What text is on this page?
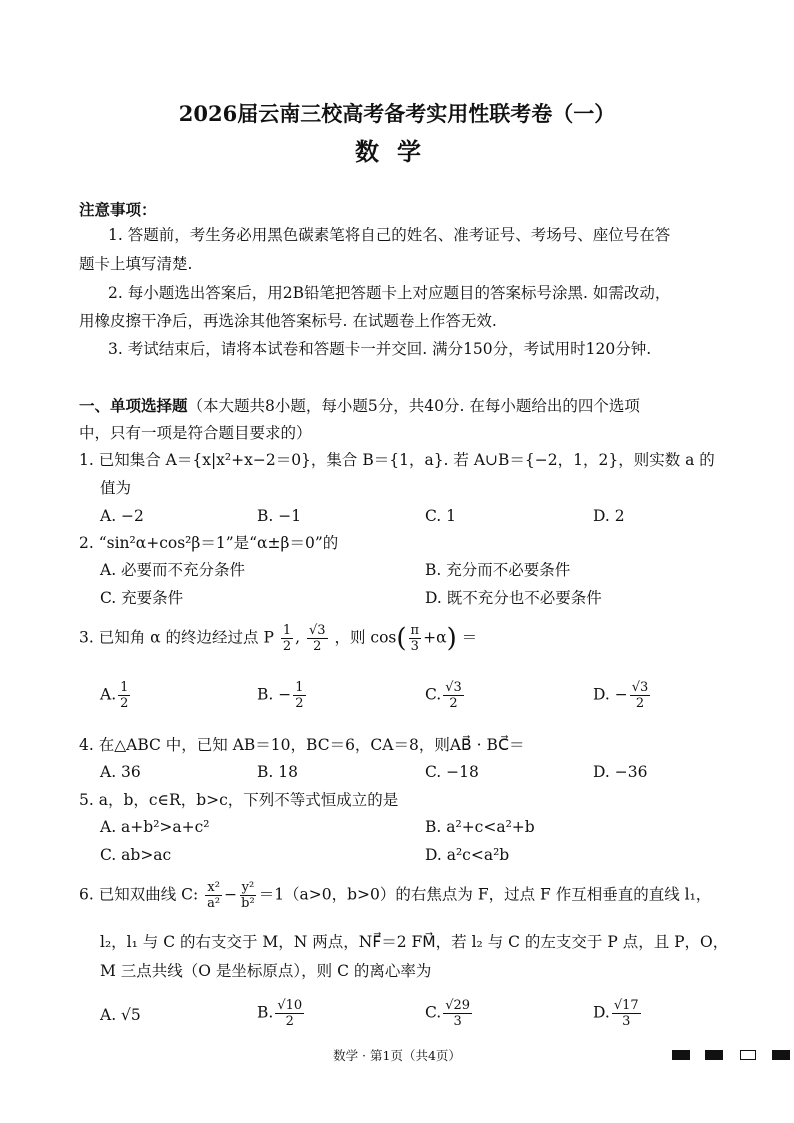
2026届云南三校高考备考实用性联考卷（一）
数学
注意事项：
1. 答题前，考生务必用黑色碳素笔将自己的姓名、准考证号、考场号、座位号在答
题卡上填写清楚.
2. 每小题选出答案后，用2B铅笔把答题卡上对应题目的答案标号涂黑. 如需改动，
用橡皮擦干净后，再选涂其他答案标号. 在试题卷上作答无效.
3. 考试结束后，请将本试卷和答题卡一并交回. 满分150分，考试用时120分钟.
一、单项选择题（本大题共8小题，每小题5分，共40分. 在每小题给出的四个选项
中，只有一项是符合题目要求的）
1. 已知集合 A＝{x|x²+x−2＝0}，集合 B＝{1，a}. 若 A∪B＝{−2，1，2}，则实数 a 的
值为
A. −2	B. −1	C. 1	D. 2
2. “sin²α+cos²β＝1”是“α±β＝0”的
A. 必要而不充分条件	B. 充分而不必要条件
C. 充要条件	D. 既不充分也不必要条件
3. 已知角 α 的终边经过点 P $\frac{1}{2}$ , $\frac{√3}{2}$ ，则 $\cos( \frac{\pi}{3} +\alpha)$ ＝
A. $\frac{1}{2}$	B. − $\frac{1}{2}$	C. $\frac{√3}{2}$	D. − $\frac{√3}{2}$
4. 在△ABC 中，已知 AB＝10，BC＝6，CA＝8，则AB⃗ · BC⃗＝
A. 36	B. 18	C. −18	D. −36
5. a，b，c∈R，b>c，下列不等式恒成立的是
A. a+b²>a+c²	B. a²+c<a²+b
C. ab>ac	D. a²c<a²b
6. 已知双曲线 C: $\frac{\text{x²}}{\text{a²}} - \frac{\text{y²}}{\text{b²}} =1(a>0$，b>0）的右焦点为 F，过点 F 作互相垂直的直线 l₁，
l₂，l₁ 与 C 的右支交于 M，N 两点，NF⃗＝2 FM⃗，若 l₂ 与 C 的左支交于 P 点，且 P，O，
M 三点共线（O 是坐标原点），则 C 的离心率为
A. √5	B. $\frac{√10}{2}$	C. $\frac{√29}{3}$	D. $\frac{√17}{3}$
数学 · 第1页（共4页）
